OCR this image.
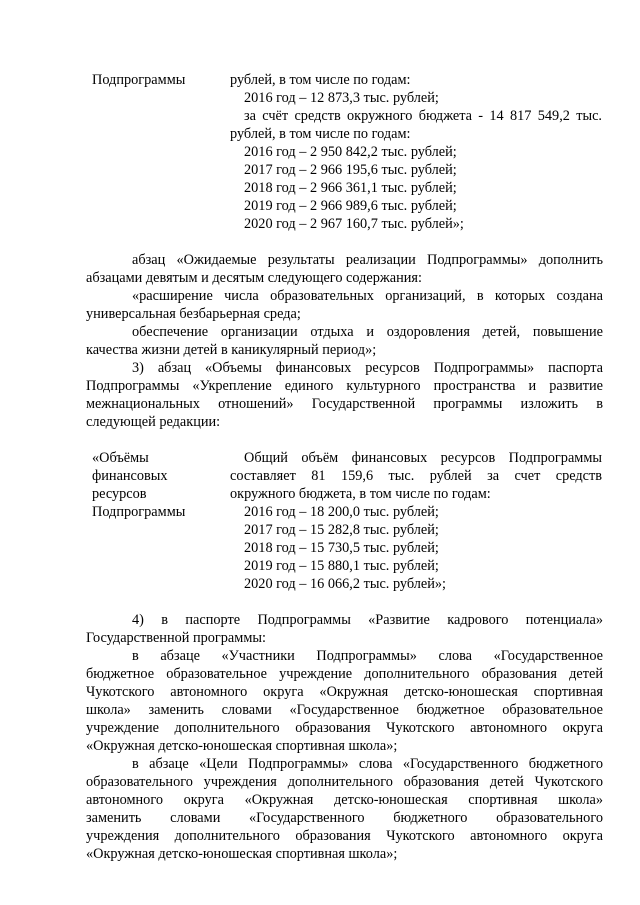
Подпрограммы	рублей, в том числе по годам:
2016 год – 12 873,3 тыс. рублей;
за счёт средств окружного бюджета - 14 817 549,2 тыс.
рублей, в том числе по годам:
2016 год – 2 950 842,2 тыс. рублей;
2017 год – 2 966 195,6 тыс. рублей;
2018 год – 2 966 361,1 тыс. рублей;
2019 год – 2 966 989,6 тыс. рублей;
2020 год – 2 967 160,7 тыс. рублей»;
абзац «Ожидаемые результаты реализации Подпрограммы» дополнить
абзацами девятым и десятым следующего содержания:
«расширение числа образовательных организаций, в которых создана
универсальная безбарьерная среда;
обеспечение организации отдыха и оздоровления детей, повышение
качества жизни детей в каникулярный период»;
3) абзац «Объемы финансовых ресурсов Подпрограммы» паспорта
Подпрограммы «Укрепление единого культурного пространства и развитие
межнациональных отношений» Государственной программы изложить в
следующей редакции:
«Объёмы
финансовых
ресурсов
Подпрограммы
Общий объём финансовых ресурсов Подпрограммы
составляет 81 159,6 тыс. рублей за счет средств
окружного бюджета, в том числе по годам:
2016 год – 18 200,0 тыс. рублей;
2017 год – 15 282,8 тыс. рублей;
2018 год – 15 730,5 тыс. рублей;
2019 год – 15 880,1 тыс. рублей;
2020 год – 16 066,2 тыс. рублей»;
4) в паспорте Подпрограммы «Развитие кадрового потенциала»
Государственной программы:
в абзаце «Участники Подпрограммы» слова «Государственное
бюджетное образовательное учреждение дополнительного образования детей
Чукотского автономного округа «Окружная детско-юношеская спортивная
школа» заменить словами «Государственное бюджетное образовательное
учреждение дополнительного образования Чукотского автономного округа
«Окружная детско-юношеская спортивная школа»;
в абзаце «Цели Подпрограммы» слова «Государственного бюджетного
образовательного учреждения дополнительного образования детей Чукотского
автономного округа «Окружная детско-юношеская спортивная школа»
заменить словами «Государственного бюджетного образовательного
учреждения дополнительного образования Чукотского автономного округа
«Окружная детско-юношеская спортивная школа»;
